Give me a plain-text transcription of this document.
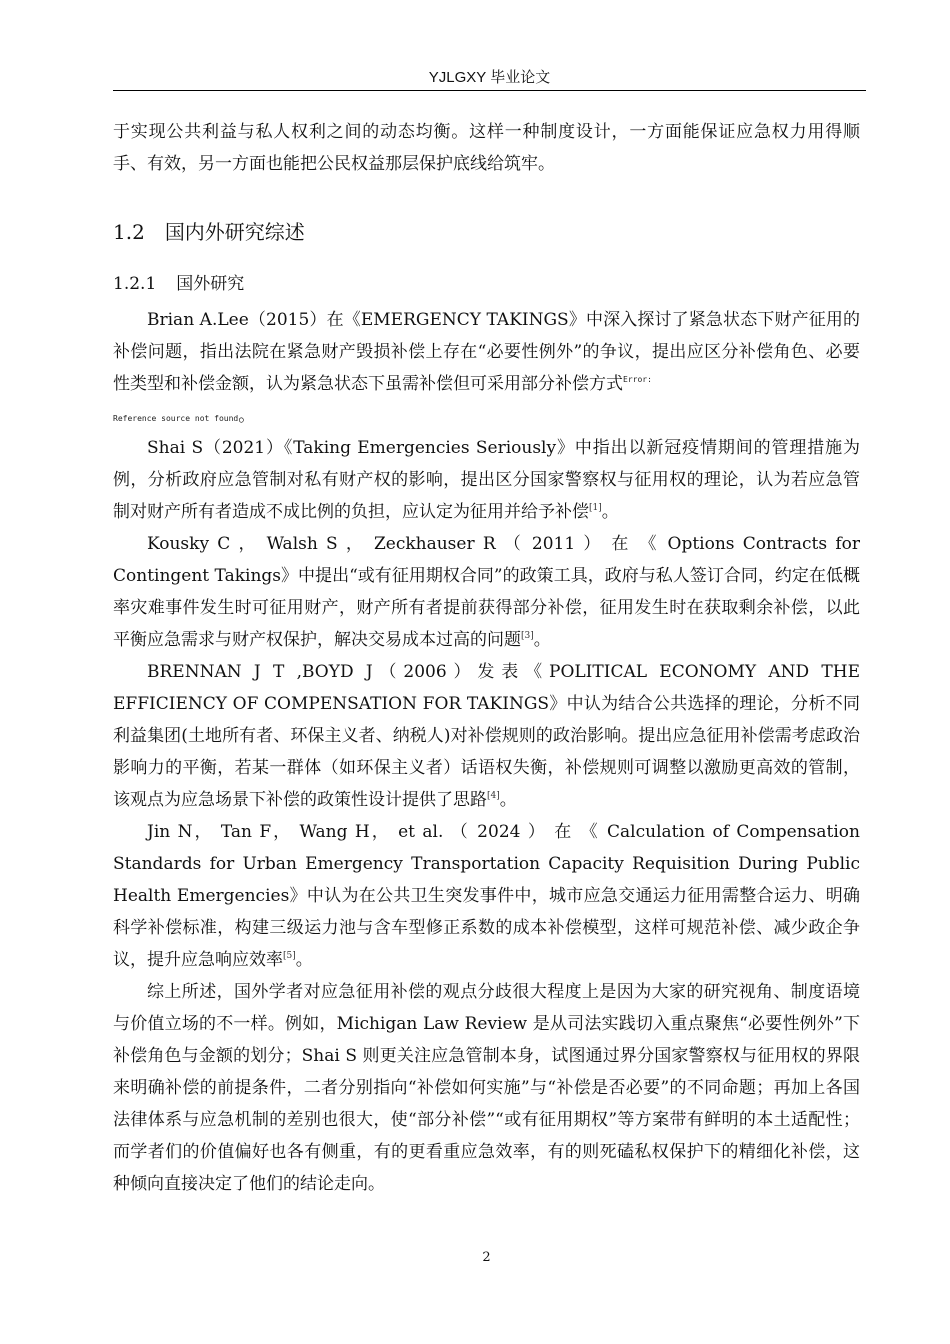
YJLGXY 毕业论文

于实现公共利益与私人权利之间的动态均衡。这样一种制度设计，一方面能保证应急权力用得顺手、有效，另一方面也能把公民权益那层保护底线给筑牢。

1.2 国内外研究综述
1.2.1 国外研究

Brian A.Lee（2015）在《EMERGENCY TAKINGS》中深入探讨了紧急状态下财产征用的补偿问题，指出法院在紧急财产毁损补偿上存在“必要性例外”的争议，提出应区分补偿角色、必要性类型和补偿金额，认为紧急状态下虽需补偿但可采用部分补偿方式$^{Error:}$
Reference source not found。

Shai S（2021）《Taking Emergencies Seriously》中指出以新冠疫情期间的管理措施为例，分析政府应急管制对私有财产权的影响，提出区分国家警察权与征用权的理论，认为若应急管制对财产所有者造成不成比例的负担，应认定为征用并给予补偿[1]。

Kousky C ， Walsh S ， Zeckhauser R （ 2011 ） 在 《 Options Contracts for Contingent Takings》中提出“或有征用期权合同”的政策工具，政府与私人签订合同，约定在低概率灾难事件发生时可征用财产，财产所有者提前获得部分补偿，征用发生时在获取剩余补偿，以此平衡应急需求与财产权保护，解决交易成本过高的问题[3]。

BRENNAN J T ,BOYD J（2006）发表《POLITICAL ECONOMY AND THE EFFICIENCY OF COMPENSATION FOR TAKINGS》中认为结合公共选择的理论，分析不同利益集团(土地所有者、环保主义者、纳税人)对补偿规则的政治影响。提出应急征用补偿需考虑政治影响力的平衡，若某一群体（如环保主义者）话语权失衡，补偿规则可调整以激励更高效的管制，该观点为应急场景下补偿的政策性设计提供了思路[4]。

Jin N， Tan F， Wang H， et al. （ 2024 ） 在 《 Calculation of Compensation Standards for Urban Emergency Transportation Capacity Requisition During Public Health Emergencies》中认为在公共卫生突发事件中，城市应急交通运力征用需整合运力、明确科学补偿标准，构建三级运力池与含车型修正系数的成本补偿模型，这样可规范补偿、减少政企争议，提升应急响应效率[5]。

综上所述，国外学者对应急征用补偿的观点分歧很大程度上是因为大家的研究视角、制度语境与价值立场的不一样。例如，Michigan Law Review 是从司法实践切入重点聚焦“必要性例外”下补偿角色与金额的划分；Shai S 则更关注应急管制本身，试图通过界分国家警察权与征用权的界限来明确补偿的前提条件，二者分别指向“补偿如何实施”与“补偿是否必要”的不同命题；再加上各国法律体系与应急机制的差别也很大，使“部分补偿”“或有征用期权”等方案带有鲜明的本土适配性；而学者们的价值偏好也各有侧重，有的更看重应急效率，有的则死磕私权保护下的精细化补偿，这种倾向直接决定了他们的结论走向。

2
